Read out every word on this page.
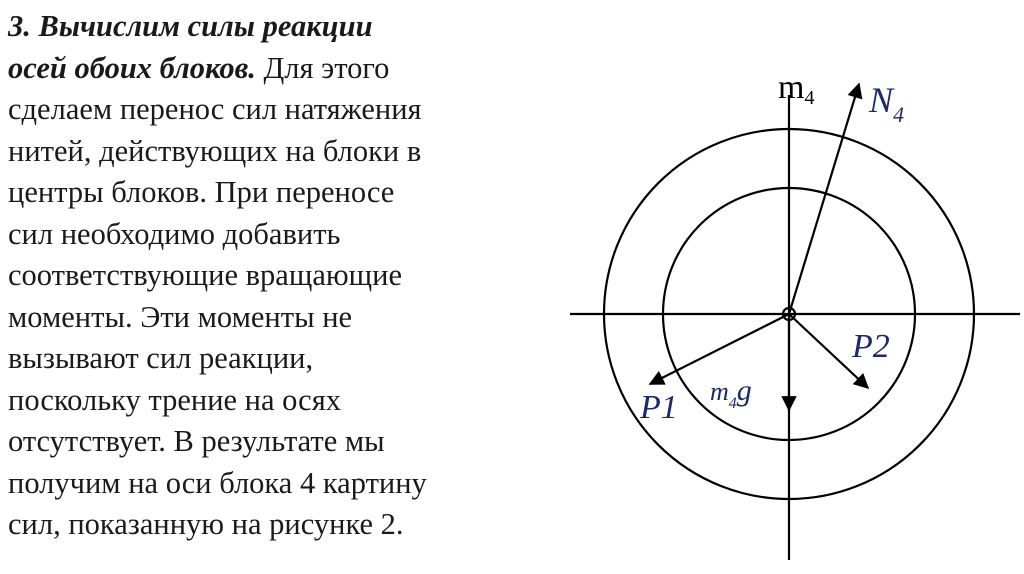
3. Вычислим силы реакции
осей обоих блоков. Для этого
сделаем перенос сил натяжения
нитей, действующих на блоки в
центры блоков. При переносе
сил необходимо добавить
соответствующие вращающие
моменты. Эти моменты не
вызывают сил реакции,
поскольку трение на осях
отсутствует. В результате мы
получим на оси блока 4 картину
сил, показанную на рисунке 2.
m4 $N_4$
P1
P2
$m_4g$
